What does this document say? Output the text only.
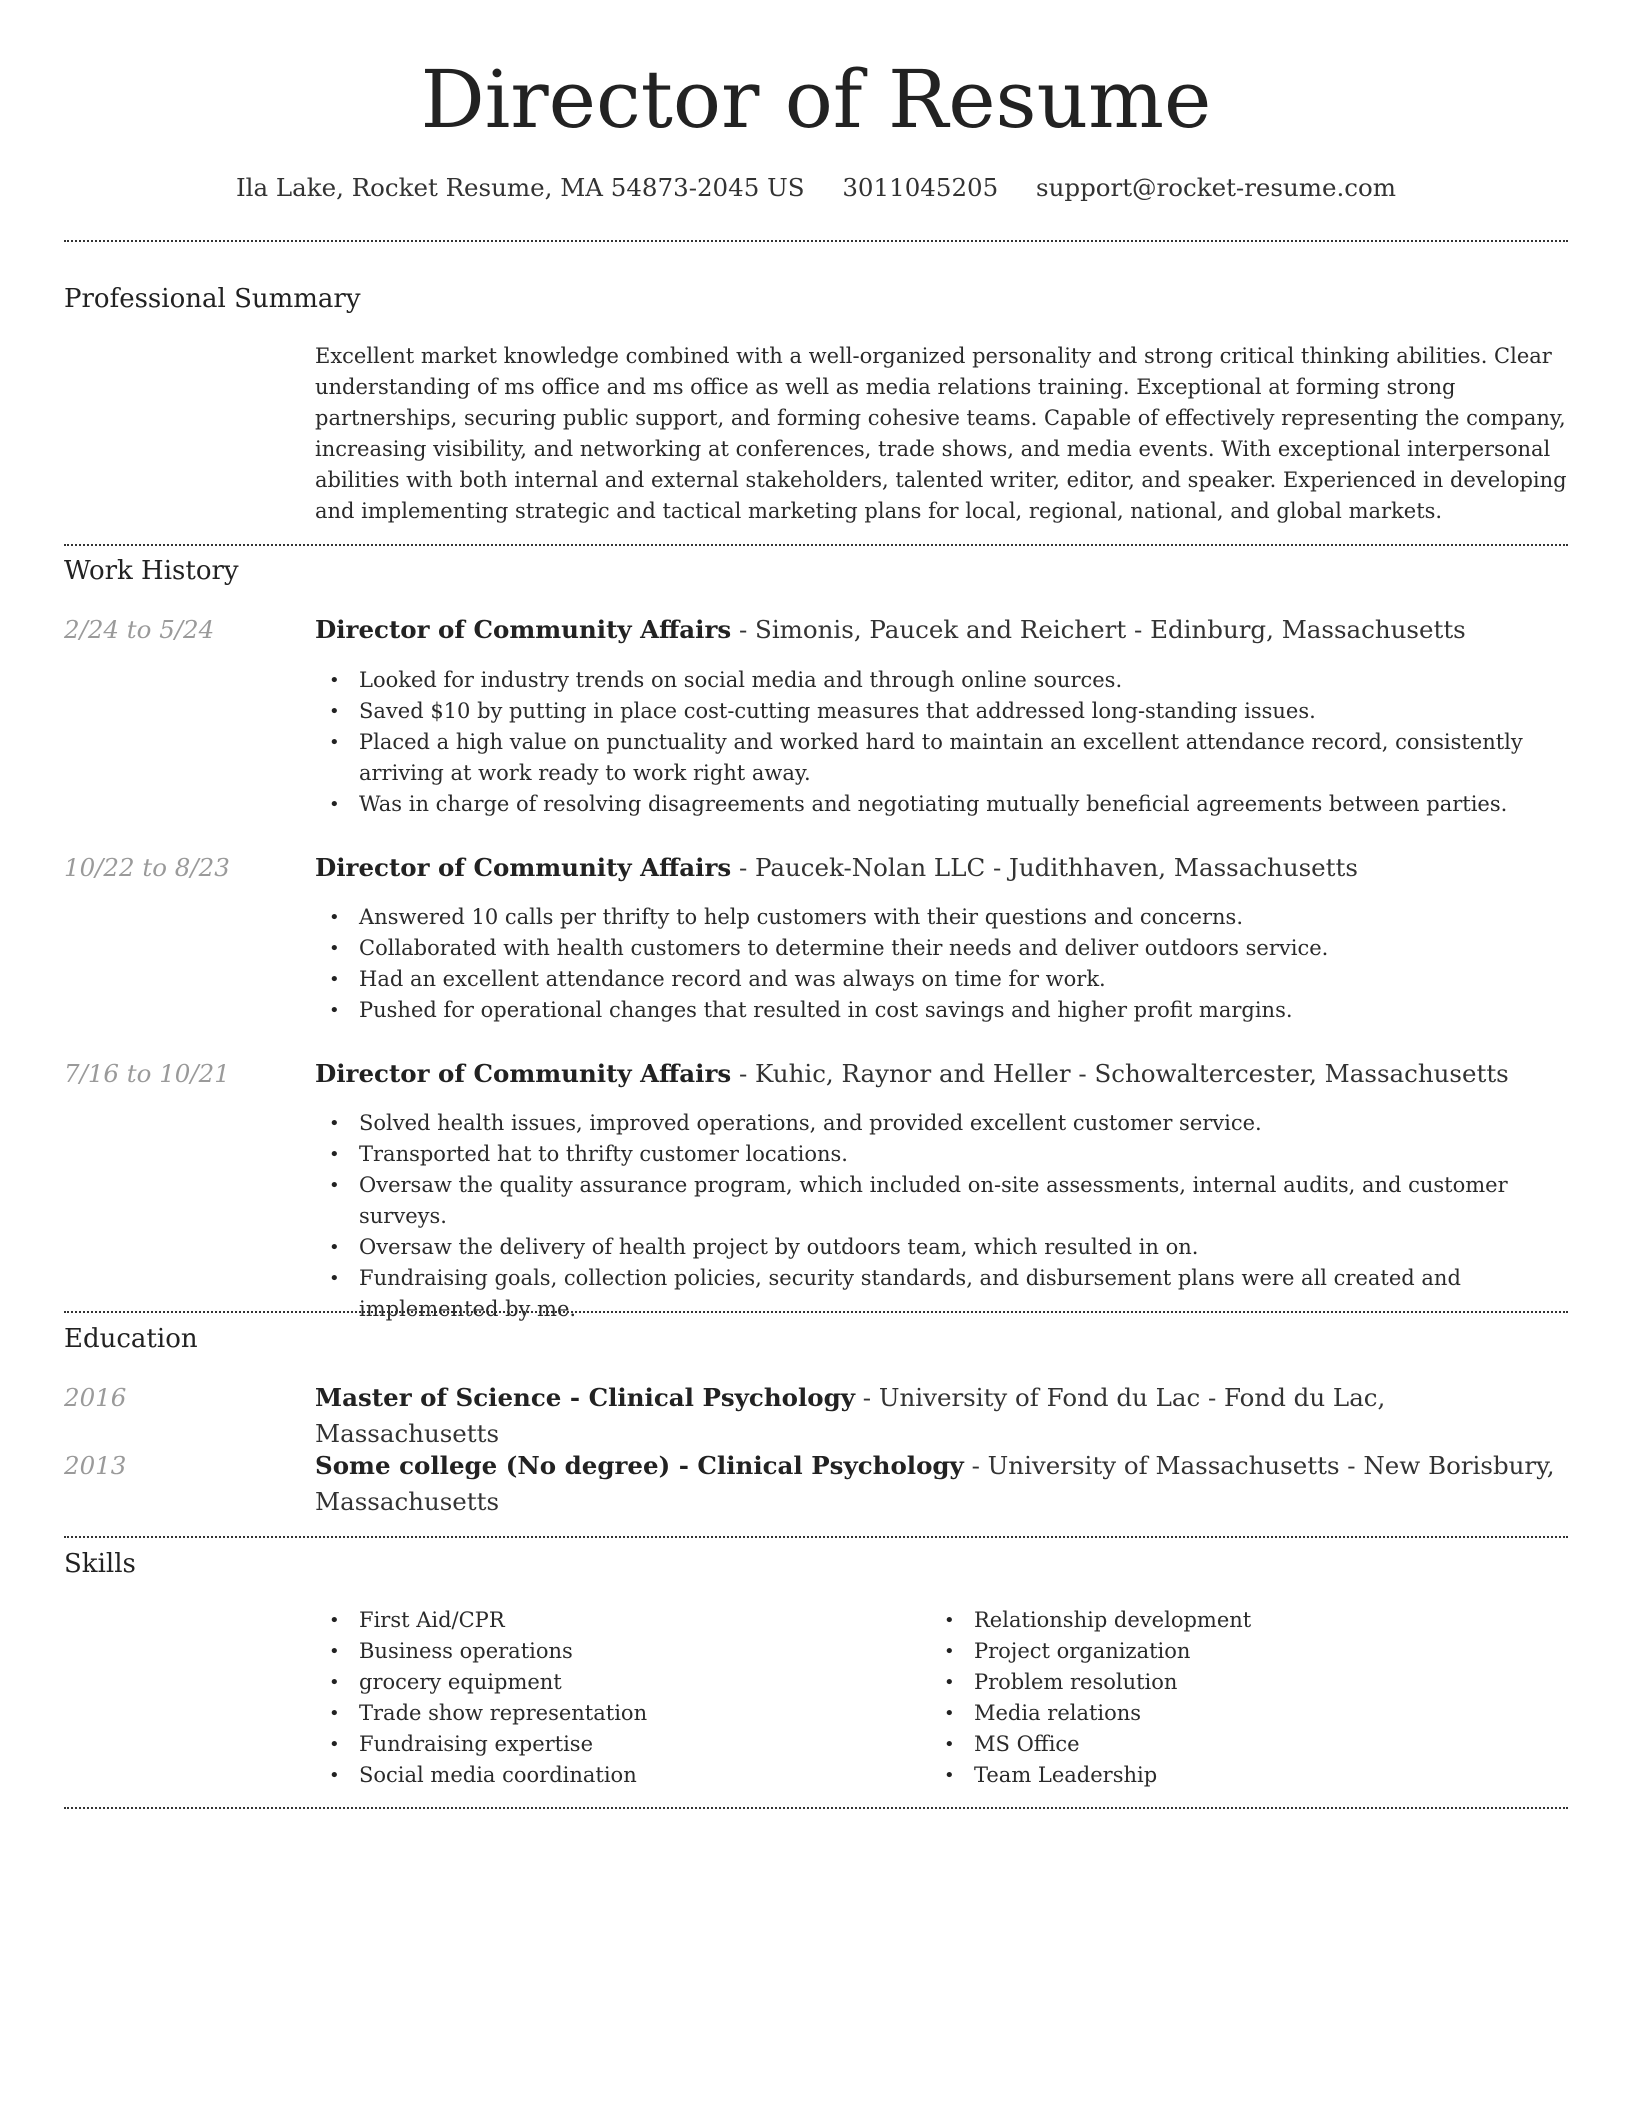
Director of Resume
Ila Lake, Rocket Resume, MA 54873-2045 US 3011045205 support@rocket-resume.com
Professional Summary

Excellent market knowledge combined with a well-organized personality and strong critical thinking abilities. Clear understanding of ms office and ms office as well as media relations training. Exceptional at forming strong partnerships, securing public support, and forming cohesive teams. Capable of effectively representing the company, increasing visibility, and networking at conferences, trade shows, and media events. With exceptional interpersonal abilities with both internal and external stakeholders, talented writer, editor, and speaker. Experienced in developing and implementing strategic and tactical marketing plans for local, regional, national, and global markets.

Work History
2/24 to 5/24	Director of Community Affairs - Simonis, Paucek and Reichert - Edinburg, Massachusetts
• Looked for industry trends on social media and through online sources.
• Saved $10 by putting in place cost-cutting measures that addressed long-standing issues.
• Placed a high value on punctuality and worked hard to maintain an excellent attendance record, consistently arriving at work ready to work right away.
• Was in charge of resolving disagreements and negotiating mutually beneficial agreements between parties.
10/22 to 8/23	Director of Community Affairs - Paucek-Nolan LLC - Judithhaven, Massachusetts
• Answered 10 calls per thrifty to help customers with their questions and concerns.
• Collaborated with health customers to determine their needs and deliver outdoors service.
• Had an excellent attendance record and was always on time for work.
• Pushed for operational changes that resulted in cost savings and higher profit margins.
7/16 to 10/21	Director of Community Affairs - Kuhic, Raynor and Heller - Schowaltercester, Massachusetts
• Solved health issues, improved operations, and provided excellent customer service.
• Transported hat to thrifty customer locations.
• Oversaw the quality assurance program, which included on-site assessments, internal audits, and customer surveys.
• Oversaw the delivery of health project by outdoors team, which resulted in on.
• Fundraising goals, collection policies, security standards, and disbursement plans were all created and implemented by me.
Education
2016	Master of Science - Clinical Psychology - University of Fond du Lac - Fond du Lac, Massachusetts
2013	Some college (No degree) - Clinical Psychology - University of Massachusetts - New Borisbury, Massachusetts
Skills
• First Aid/CPR
• Business operations
• grocery equipment
• Trade show representation
• Fundraising expertise
• Social media coordination
• Relationship development
• Project organization
• Problem resolution
• Media relations
• MS Office
• Team Leadership
